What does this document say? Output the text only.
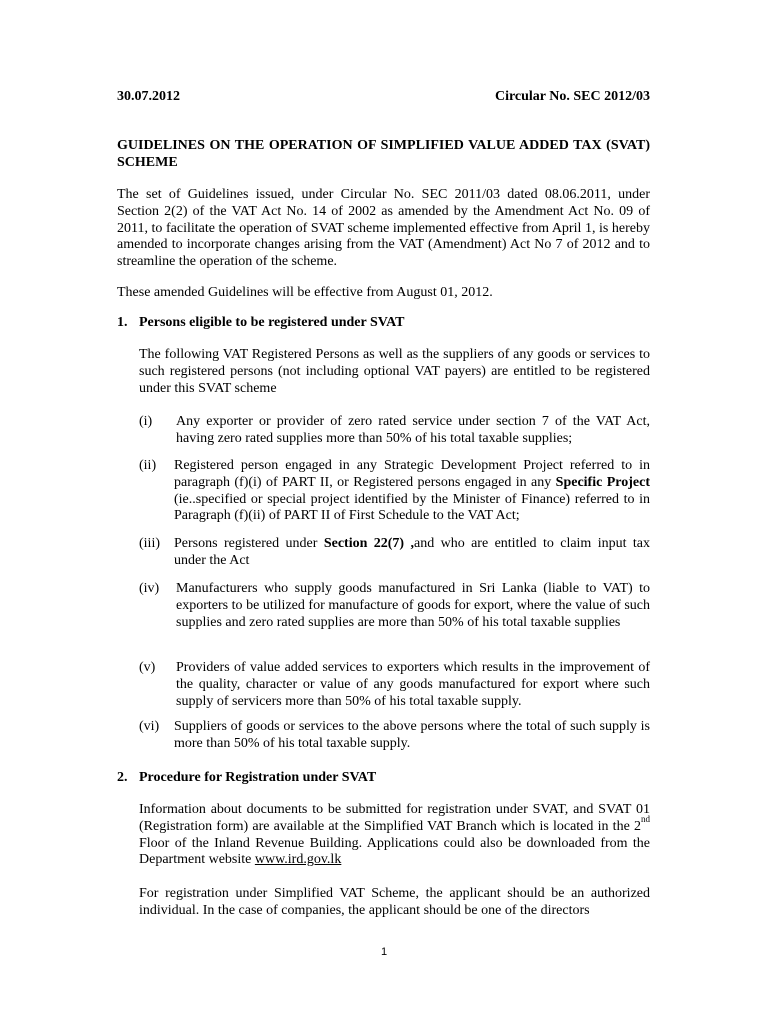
30.07.2012	Circular No. SEC 2012/03
GUIDELINES ON THE OPERATION OF SIMPLIFIED VALUE ADDED TAX (SVAT) SCHEME
The set of Guidelines issued, under Circular No. SEC 2011/03 dated 08.06.2011, under Section 2(2) of the VAT Act No. 14 of 2002 as amended by the Amendment Act No. 09 of 2011, to facilitate the operation of SVAT scheme implemented effective from April 1, is hereby amended to incorporate changes arising from the VAT (Amendment) Act No 7 of 2012 and to streamline the operation of the scheme.
These amended Guidelines will be effective from August 01, 2012.
1. Persons eligible to be registered under SVAT
The following VAT Registered Persons as well as the suppliers of any goods or services to such registered persons (not including optional VAT payers) are entitled to be registered under this SVAT scheme
(i) Any exporter or provider of zero rated service under section 7 of the VAT Act, having zero rated supplies more than 50% of his total taxable supplies;
(ii) Registered person engaged in any Strategic Development Project referred to in paragraph (f)(i) of PART II, or Registered persons engaged in any Specific Project (ie..specified or special project identified by the Minister of Finance) referred to in Paragraph (f)(ii) of PART II of First Schedule to the VAT Act;
(iii) Persons registered under Section 22(7) ,and who are entitled to claim input tax under the Act
(iv) Manufacturers who supply goods manufactured in Sri Lanka (liable to VAT) to exporters to be utilized for manufacture of goods for export, where the value of such supplies and zero rated supplies are more than 50% of his total taxable supplies
(v) Providers of value added services to exporters which results in the improvement of the quality, character or value of any goods manufactured for export where such supply of servicers more than 50% of his total taxable supply.
(vi) Suppliers of goods or services to the above persons where the total of such supply is more than 50% of his total taxable supply.
2. Procedure for Registration under SVAT
Information about documents to be submitted for registration under SVAT, and SVAT 01 (Registration form) are available at the Simplified VAT Branch which is located in the 2nd Floor of the Inland Revenue Building. Applications could also be downloaded from the Department website www.ird.gov.lk
For registration under Simplified VAT Scheme, the applicant should be an authorized individual. In the case of companies, the applicant should be one of the directors
1
